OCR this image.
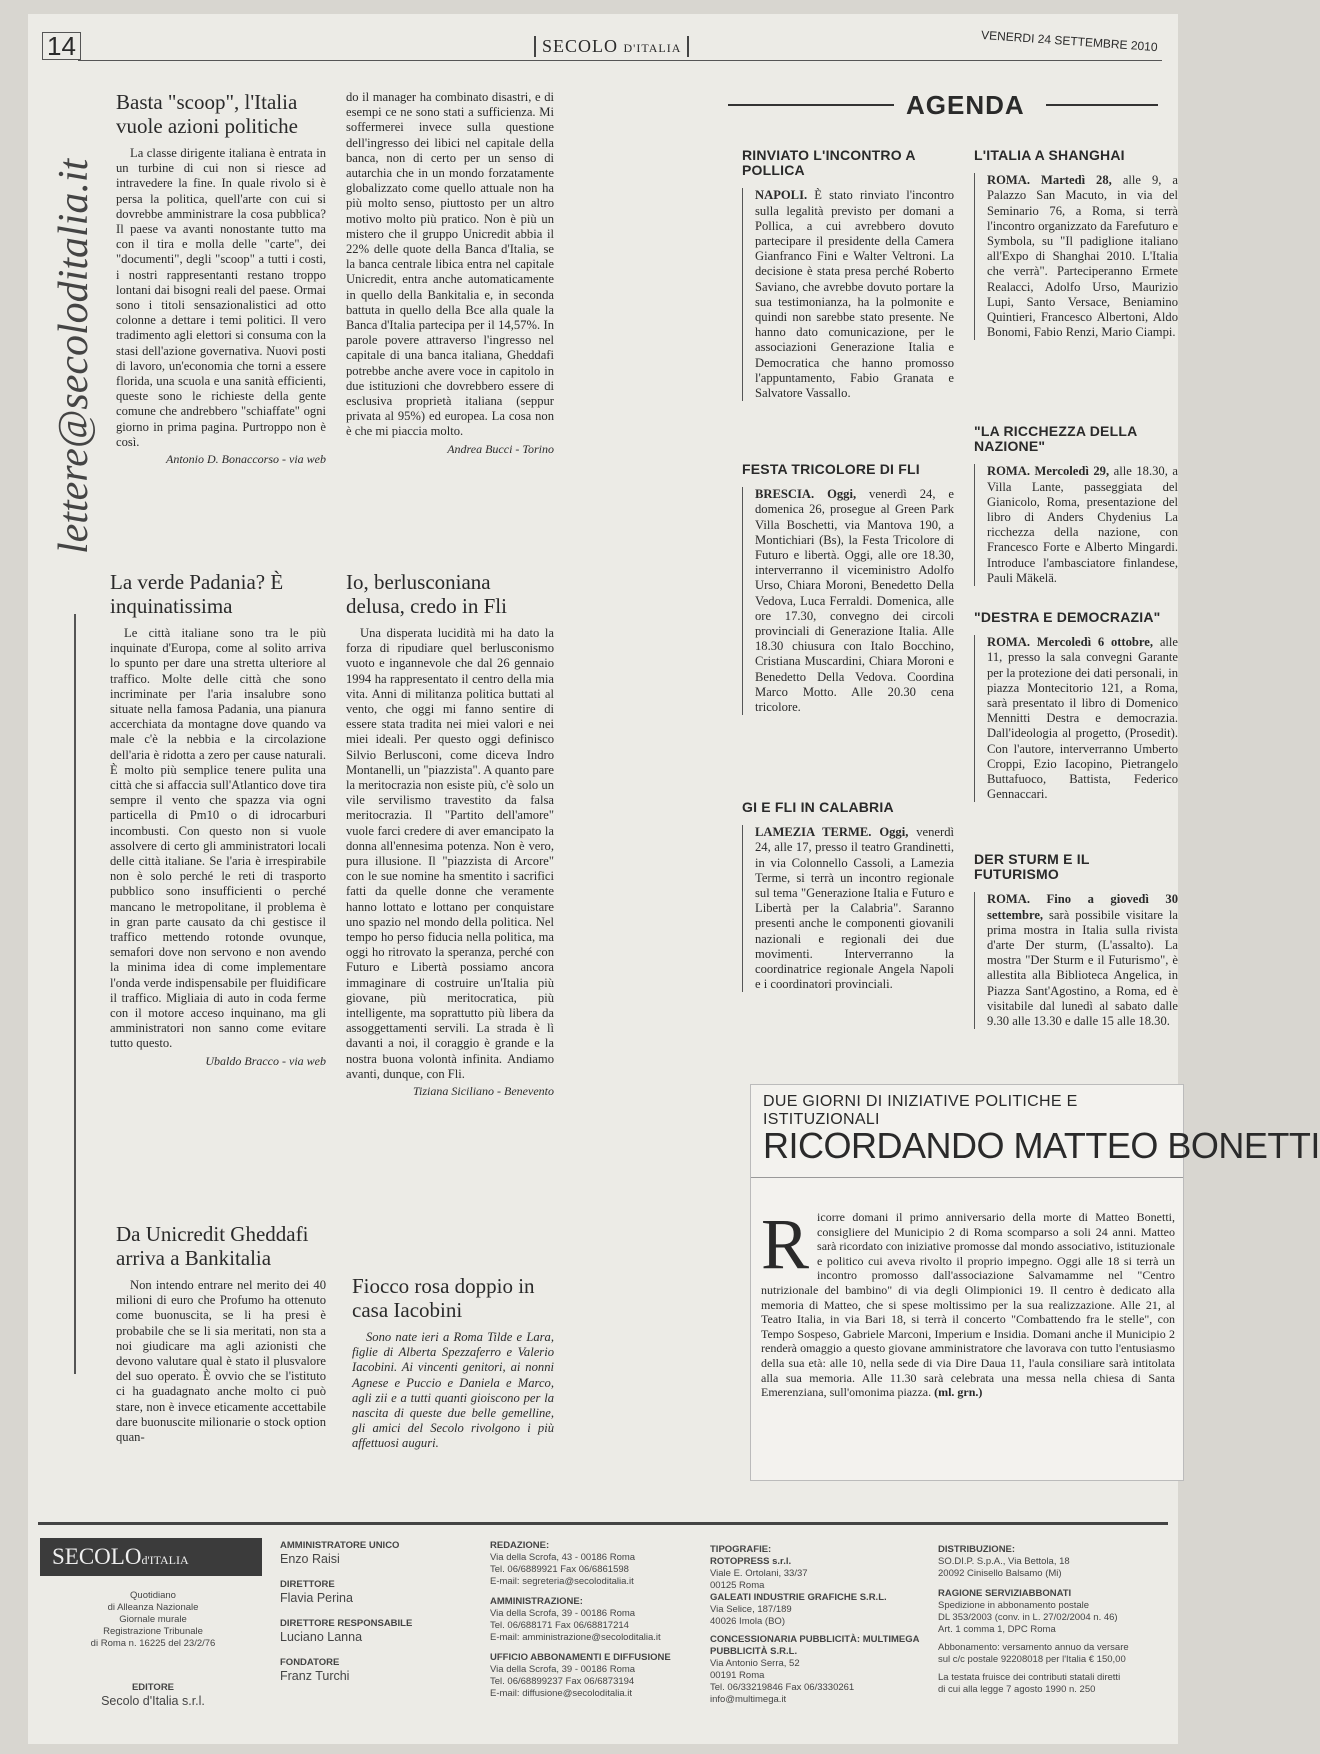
14	SECOLO D'ITALIA	VENERDI 24 SETTEMBRE 2010
lettere@secoloditalia.it
Basta "scoop", l'Italia vuole azioni politiche

La classe dirigente italiana è entrata in un turbine di cui non si riesce ad intravedere la fine. In quale rivolo si è persa la politica, quell'arte con cui si dovrebbe amministrare la cosa pubblica? Il paese va avanti nonostante tutto ma con il tira e molla delle "carte", dei "documenti", degli "scoop" a tutti i costi, i nostri rappresentanti restano troppo lontani dai bisogni reali del paese. Ormai sono i titoli sensazionalistici ad otto colonne a dettare i temi politici. Il vero tradimento agli elettori si consuma con la stasi dell'azione governativa. Nuovi posti di lavoro, un'economia che torni a essere florida, una scuola e una sanità efficienti, queste sono le richieste della gente comune che andrebbero "schiaffate" ogni giorno in prima pagina. Purtroppo non è così.

Antonio D. Bonaccorso - via web

do il manager ha combinato disastri, e di esempi ce ne sono stati a sufficienza. Mi soffermerei invece sulla questione dell'ingresso dei libici nel capitale della banca, non di certo per un senso di autarchia che in un mondo forzatamente globalizzato come quello attuale non ha più molto senso, piuttosto per un altro motivo molto più pratico. Non è più un mistero che il gruppo Unicredit abbia il 22% delle quote della Banca d'Italia, se la banca centrale libica entra nel capitale Unicredit, entra anche automaticamente in quello della Bankitalia e, in seconda battuta in quello della Bce alla quale la Banca d'Italia partecipa per il 14,57%. In parole povere attraverso l'ingresso nel capitale di una banca italiana, Gheddafi potrebbe anche avere voce in capitolo in due istituzioni che dovrebbero essere di esclusiva proprietà italiana (seppur privata al 95%) ed europea. La cosa non è che mi piaccia molto.

Andrea Bucci - Torino
La verde Padania? È inquinatissima

Le città italiane sono tra le più inquinate d'Europa, come al solito arriva lo spunto per dare una stretta ulteriore al traffico. Molte delle città che sono incriminate per l'aria insalubre sono situate nella famosa Padania, una pianura accerchiata da montagne dove quando va male c'è la nebbia e la circolazione dell'aria è ridotta a zero per cause naturali. È molto più semplice tenere pulita una città che si affaccia sull'Atlantico dove tira sempre il vento che spazza via ogni particella di Pm10 o di idrocarburi incombusti. Con questo non si vuole assolvere di certo gli amministratori locali delle città italiane. Se l'aria è irrespirabile non è solo perché le reti di trasporto pubblico sono insufficienti o perché mancano le metropolitane, il problema è in gran parte causato da chi gestisce il traffico mettendo rotonde ovunque, semafori dove non servono e non avendo la minima idea di come implementare l'onda verde indispensabile per fluidificare il traffico. Migliaia di auto in coda ferme con il motore acceso inquinano, ma gli amministratori non sanno come evitare tutto questo.

Ubaldo Bracco - via web
Io, berlusconiana delusa, credo in Fli

Una disperata lucidità mi ha dato la forza di ripudiare quel berlusconismo vuoto e ingannevole che dal 26 gennaio 1994 ha rappresentato il centro della mia vita. Anni di militanza politica buttati al vento, che oggi mi fanno sentire di essere stata tradita nei miei valori e nei miei ideali. Per questo oggi definisco Silvio Berlusconi, come diceva Indro Montanelli, un "piazzista". A quanto pare la meritocrazia non esiste più, c'è solo un vile servilismo travestito da falsa meritocrazia. Il "Partito dell'amore" vuole farci credere di aver emancipato la donna all'ennesima potenza. Non è vero, pura illusione. Il "piazzista di Arcore" con le sue nomine ha smentito i sacrifici fatti da quelle donne che veramente hanno lottato e lottano per conquistare uno spazio nel mondo della politica. Nel tempo ho perso fiducia nella politica, ma oggi ho ritrovato la speranza, perché con Futuro e Libertà possiamo ancora immaginare di costruire un'Italia più giovane, più meritocratica, più intelligente, ma soprattutto più libera da assoggettamenti servili. La strada è lì davanti a noi, il coraggio è grande e la nostra buona volontà infinita. Andiamo avanti, dunque, con Fli.

Tiziana Siciliano - Benevento
Da Unicredit Gheddafi arriva a Bankitalia

Non intendo entrare nel merito dei 40 milioni di euro che Profumo ha ottenuto come buonuscita, se li ha presi è probabile che se li sia meritati, non sta a noi giudicare ma agli azionisti che devono valutare qual è stato il plusvalore del suo operato. È ovvio che se l'istituto ci ha guadagnato anche molto ci può stare, non è invece eticamente accettabile dare buonuscite milionarie o stock option quan-

Fiocco rosa doppio in casa Iacobini

Sono nate ieri a Roma Tilde e Lara, figlie di Alberta Spezzaferro e Valerio Iacobini. Ai vincenti genitori, ai nonni Agnese e Puccio e Daniela e Marco, agli zii e a tutti quanti gioiscono per la nascita di queste due belle gemelline, gli amici del Secolo rivolgono i più affettuosi auguri.

AGENDA
RINVIATO L'INCONTRO A POLLICA

NAPOLI. È stato rinviato l'incontro sulla legalità previsto per domani a Pollica, a cui avrebbero dovuto partecipare il presidente della Camera Gianfranco Fini e Walter Veltroni. La decisione è stata presa perché Roberto Saviano, che avrebbe dovuto portare la sua testimonianza, ha la polmonite e quindi non sarebbe stato presente. Ne hanno dato comunicazione, per le associazioni Generazione Italia e Democratica che hanno promosso l'appuntamento, Fabio Granata e Salvatore Vassallo.

FESTA TRICOLORE DI FLI

BRESCIA. Oggi, venerdì 24, e domenica 26, prosegue al Green Park Villa Boschetti, via Mantova 190, a Montichiari (Bs), la Festa Tricolore di Futuro e libertà. Oggi, alle ore 18.30, interverranno il viceministro Adolfo Urso, Chiara Moroni, Benedetto Della Vedova, Luca Ferraldi. Domenica, alle ore 17.30, convegno dei circoli provinciali di Generazione Italia. Alle 18.30 chiusura con Italo Bocchino, Cristiana Muscardini, Chiara Moroni e Benedetto Della Vedova. Coordina Marco Motto. Alle 20.30 cena tricolore.

GI E FLI IN CALABRIA

LAMEZIA TERME. Oggi, venerdì 24, alle 17, presso il teatro Grandinetti, in via Colonnello Cassoli, a Lamezia Terme, si terrà un incontro regionale sul tema "Generazione Italia e Futuro e Libertà per la Calabria". Saranno presenti anche le componenti giovanili nazionali e regionali dei due movimenti. Interverranno la coordinatrice regionale Angela Napoli e i coordinatori provinciali.

L'ITALIA A SHANGHAI

ROMA. Martedì 28, alle 9, a Palazzo San Macuto, in via del Seminario 76, a Roma, si terrà l'incontro organizzato da Farefuturo e Symbola, su "Il padiglione italiano all'Expo di Shanghai 2010. L'Italia che verrà". Parteciperanno Ermete Realacci, Adolfo Urso, Maurizio Lupi, Santo Versace, Beniamino Quintieri, Francesco Albertoni, Aldo Bonomi, Fabio Renzi, Mario Ciampi.

"LA RICCHEZZA DELLA NAZIONE"

ROMA. Mercoledì 29, alle 18.30, a Villa Lante, passeggiata del Gianicolo, Roma, presentazione del libro di Anders Chydenius La ricchezza della nazione, con Francesco Forte e Alberto Mingardi. Introduce l'ambasciatore finlandese, Pauli Mäkelä.

"DESTRA E DEMOCRAZIA"

ROMA. Mercoledì 6 ottobre, alle 11, presso la sala convegni Garante per la protezione dei dati personali, in piazza Montecitorio 121, a Roma, sarà presentato il libro di Domenico Mennitti Destra e democrazia. Dall'ideologia al progetto, (Prosedit). Con l'autore, interverranno Umberto Croppi, Ezio Iacopino, Pietrangelo Buttafuoco, Battista, Federico Gennaccari.

DER STURM E IL FUTURISMO

ROMA. Fino a giovedì 30 settembre, sarà possibile visitare la prima mostra in Italia sulla rivista d'arte Der sturm, (L'assalto). La mostra "Der Sturm e il Futurismo", è allestita alla Biblioteca Angelica, in Piazza Sant'Agostino, a Roma, ed è visitabile dal lunedì al sabato dalle 9.30 alle 13.30 e dalle 15 alle 18.30.

DUE GIORNI DI INIZIATIVE POLITICHE E ISTITUZIONALI
RICORDANDO MATTEO BONETTI
R icorre domani il primo anniversario della morte di Matteo Bonetti, consigliere del Municipio 2 di Roma scomparso a soli 24 anni. Matteo sarà ricordato con iniziative promosse dal mondo associativo, istituzionale e politico cui aveva rivolto il proprio impegno. Oggi alle 18 si terrà un incontro promosso dall'associazione Salvamamme nel "Centro nutrizionale del bambino" di via degli Olimpionici 19. Il centro è dedicato alla memoria di Matteo, che si spese moltissimo per la sua realizzazione. Alle 21, al Teatro Italia, in via Bari 18, si terrà il concerto "Combattendo fra le stelle", con Tempo Sospeso, Gabriele Marconi, Imperium e Insidia. Domani anche il Municipio 2 renderà omaggio a questo giovane amministratore che lavorava con tutto l'entusiasmo della sua età: alle 10, nella sede di via Dire Daua 11, l'aula consiliare sarà intitolata alla sua memoria. Alle 11.30 sarà celebrata una messa nella chiesa di Santa Emerenziana, sull'omonima piazza. (ml. grn.)
SECOLOd'ITALIA
Quotidiano
di Alleanza Nazionale
Giornale murale
Registrazione Tribunale
di Roma n. 16225 del 23/2/76
EDITORE
Secolo d'Italia s.r.l.
AMMINISTRATORE UNICO
Enzo Raisi
DIRETTORE
Flavia Perina
DIRETTORE RESPONSABILE
Luciano Lanna
FONDATORE
Franz Turchi
REDAZIONE:
Via della Scrofa, 43 - 00186 Roma
Tel. 06/6889921 Fax 06/6861598
E-mail: segreteria@secoloditalia.it
AMMINISTRAZIONE:
Via della Scrofa, 39 - 00186 Roma
Tel. 06/688171 Fax 06/68817214
E-mail: amministrazione@secoloditalia.it
UFFICIO ABBONAMENTI E DIFFUSIONE
Via della Scrofa, 39 - 00186 Roma
Tel. 06/68899237 Fax 06/6873194
E-mail: diffusione@secoloditalia.it
TIPOGRAFIE:
ROTOPRESS s.r.l.
Viale E. Ortolani, 33/37
00125 Roma
GALEATI INDUSTRIE GRAFICHE S.R.L.
Via Selice, 187/189
40026 Imola (BO)
CONCESSIONARIA PUBBLICITÀ: MULTIMEGA PUBBLICITÀ S.R.L.
Via Antonio Serra, 52
00191 Roma
Tel. 06/33219846 Fax 06/3330261
info@multimega.it
DISTRIBUZIONE:
SO.DI.P. S.p.A., Via Bettola, 18
20092 Cinisello Balsamo (Mi)
RAGIONE SERVIZIABBONATI
Spedizione in abbonamento postale
DL 353/2003 (conv. in L. 27/02/2004 n. 46)
Art. 1 comma 1, DPC Roma
Abbonamento: versamento annuo da versare
sul c/c postale 92208018 per l'Italia € 150,00
La testata fruisce dei contributi statali diretti
di cui alla legge 7 agosto 1990 n. 250
